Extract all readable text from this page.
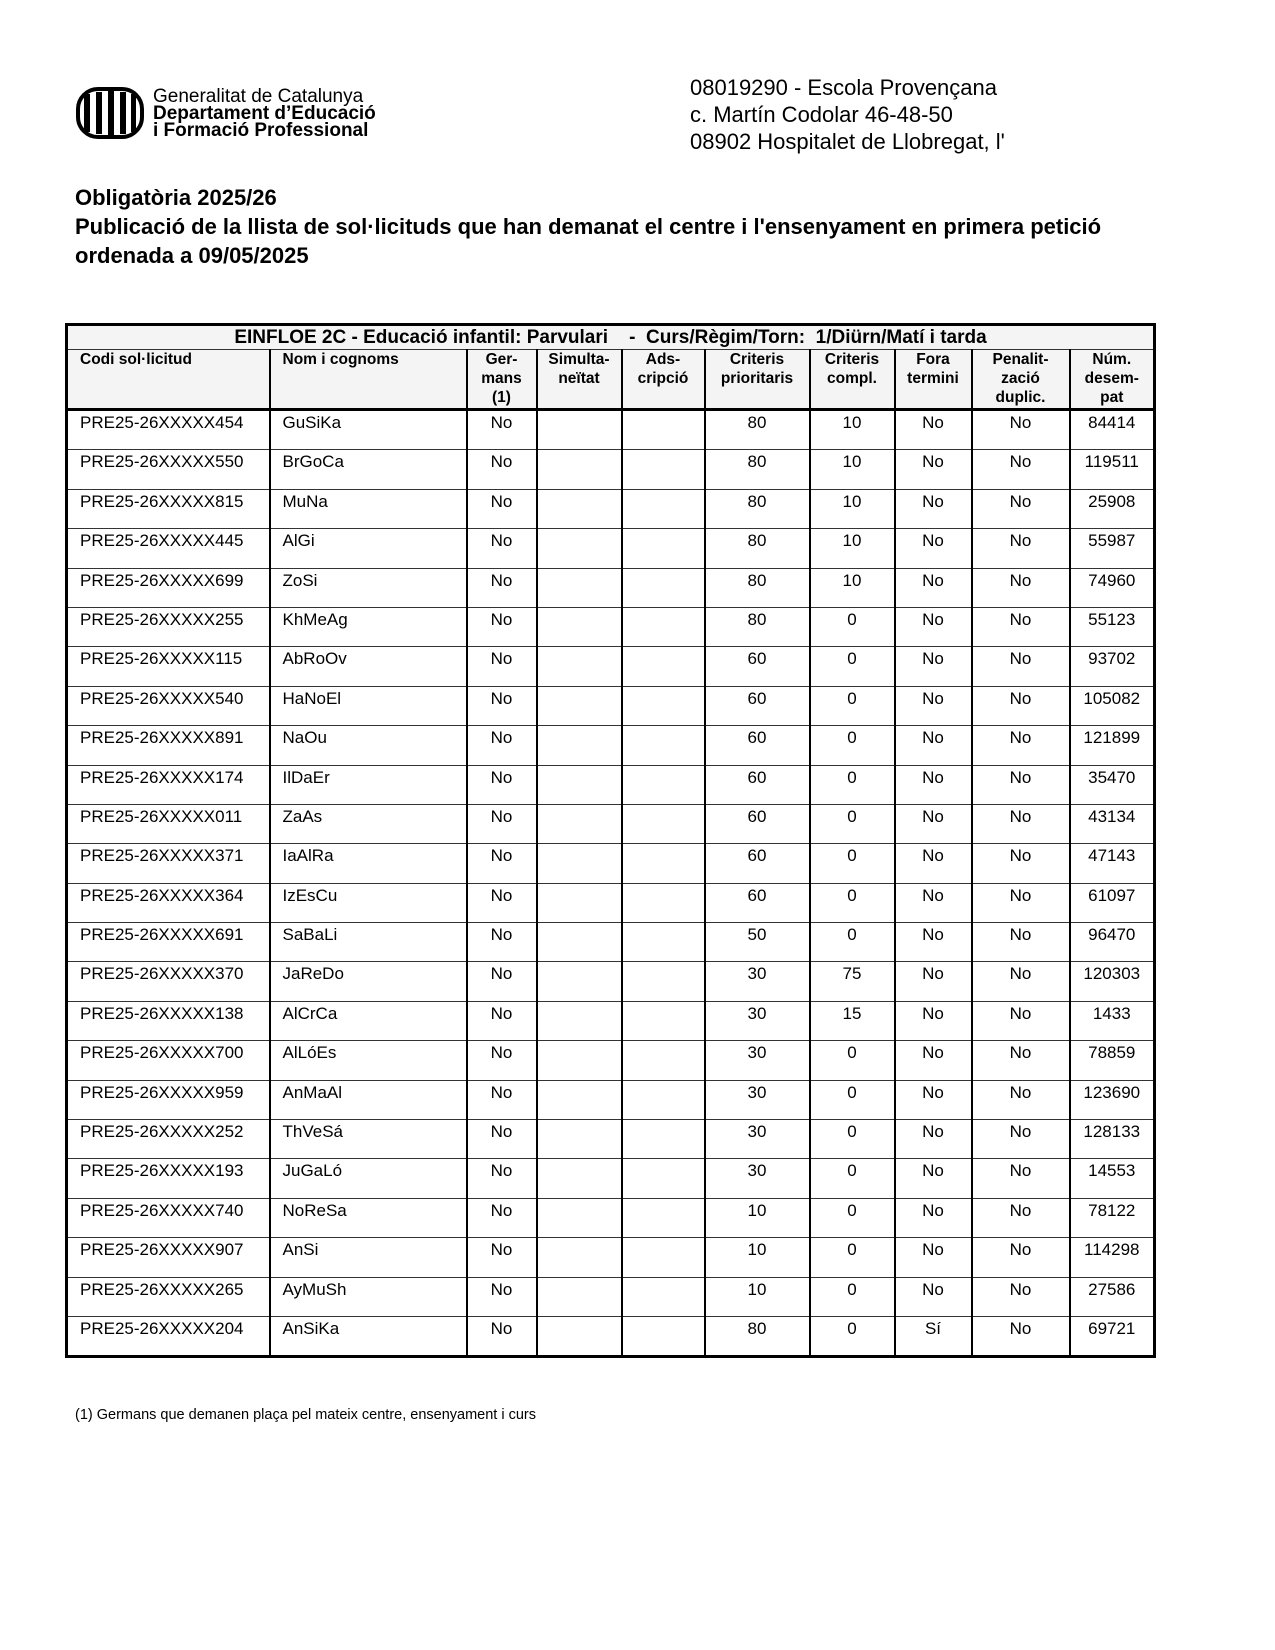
Generalitat de Catalunya
Departament d’Educació
i Formació Professional
08019290 - Escola Provençana
c. Martín Codolar 46-48-50
08902 Hospitalet de Llobregat, l'
Obligatòria 2025/26
Publicació de la llista de sol·licituds que han demanat el centre i l'ensenyament en primera petició ordenada a 09/05/2025
EINFLOE 2C - Educació infantil: Parvulari    -  Curs/Règim/Torn:  1/Diürn/Matí i tarda									
Codi sol·licitud	Nom i cognoms	Ger-
mans
(1)	Simulta-
neïtat	Ads-
cripció	Criteris
prioritaris	Criteris
compl.	Fora
termini	Penalit-
zació
duplic.	Núm.
desem-
pat
PRE25-26XXXXX454	GuSiKa	No			80	10	No	No	84414
PRE25-26XXXXX550	BrGoCa	No			80	10	No	No	119511
PRE25-26XXXXX815	MuNa	No			80	10	No	No	25908
PRE25-26XXXXX445	AlGi	No			80	10	No	No	55987
PRE25-26XXXXX699	ZoSi	No			80	10	No	No	74960
PRE25-26XXXXX255	KhMeAg	No			80	0	No	No	55123
PRE25-26XXXXX115	AbRoOv	No			60	0	No	No	93702
PRE25-26XXXXX540	HaNoEl	No			60	0	No	No	105082
PRE25-26XXXXX891	NaOu	No			60	0	No	No	121899
PRE25-26XXXXX174	IlDaEr	No			60	0	No	No	35470
PRE25-26XXXXX011	ZaAs	No			60	0	No	No	43134
PRE25-26XXXXX371	IaAlRa	No			60	0	No	No	47143
PRE25-26XXXXX364	IzEsCu	No			60	0	No	No	61097
PRE25-26XXXXX691	SaBaLi	No			50	0	No	No	96470
PRE25-26XXXXX370	JaReDo	No			30	75	No	No	120303
PRE25-26XXXXX138	AlCrCa	No			30	15	No	No	1433
PRE25-26XXXXX700	AlLóEs	No			30	0	No	No	78859
PRE25-26XXXXX959	AnMaAl	No			30	0	No	No	123690
PRE25-26XXXXX252	ThVeSá	No			30	0	No	No	128133
PRE25-26XXXXX193	JuGaLó	No			30	0	No	No	14553
PRE25-26XXXXX740	NoReSa	No			10	0	No	No	78122
PRE25-26XXXXX907	AnSi	No			10	0	No	No	114298
PRE25-26XXXXX265	AyMuSh	No			10	0	No	No	27586
PRE25-26XXXXX204	AnSiKa	No			80	0	Sí	No	69721
(1) Germans que demanen plaça pel mateix centre, ensenyament i curs
